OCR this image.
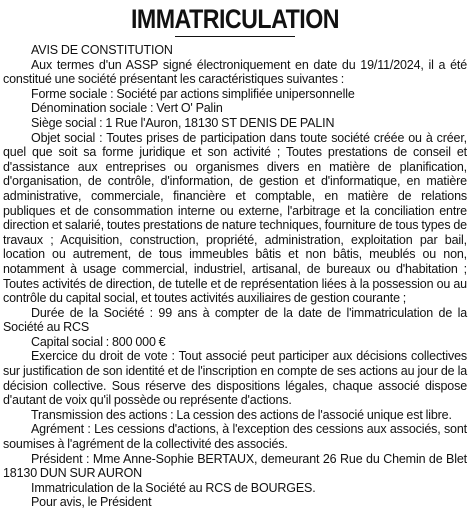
IMMATRICULATION

AVIS DE CONSTITUTION

Aux termes d'un ASSP signé électroniquement en date du 19/11/2024, il a été constitué une société présentant les caractéristiques suivantes :

Forme sociale : Société par actions simplifiée unipersonnelle

Dénomination sociale : Vert O' Palin

Siège social : 1 Rue l'Auron, 18130 ST DENIS DE PALIN

Objet social : Toutes prises de participation dans toute société créée ou à créer, quel que soit sa forme juridique et son activité ; Toutes prestations de conseil et d'assistance aux entreprises ou organismes divers en matière de planification, d'organisation, de contrôle, d'information, de gestion et d'informatique, en matière administrative, commerciale, financière et comptable, en matière de relations publiques et de consommation interne ou externe, l'arbitrage et la conciliation entre direction et salarié, toutes prestations de nature techniques, fourniture de tous types de travaux ; Acquisition, construction, propriété, administration, exploitation par bail, location ou autrement, de tous immeubles bâtis et non bâtis, meublés ou non, notamment à usage commercial, industriel, artisanal, de bureaux ou d'habitation ; Toutes activités de direction, de tutelle et de représentation liées à la possession ou au contrôle du capital social, et toutes activités auxiliaires de gestion courante ;

Durée de la Société : 99 ans à compter de la date de l'immatriculation de la Société au RCS

Capital social : 800 000 €

Exercice du droit de vote : Tout associé peut participer aux décisions collectives sur justification de son identité et de l'inscription en compte de ses actions au jour de la décision collective. Sous réserve des dispositions légales, chaque associé dispose d'autant de voix qu'il possède ou représente d'actions.

Transmission des actions : La cession des actions de l'associé unique est libre.

Agrément : Les cessions d'actions, à l'exception des cessions aux associés, sont soumises à l'agrément de la collectivité des associés.

Président : Mme Anne-Sophie BERTAUX, demeurant 26 Rue du Chemin de Blet 18130 DUN SUR AURON

Immatriculation de la Société au RCS de BOURGES.

Pour avis, le Président
